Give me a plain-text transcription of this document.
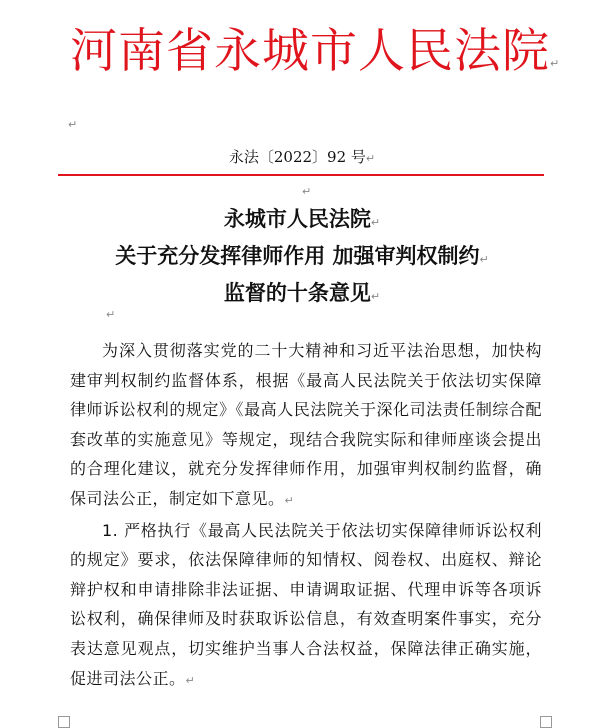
河南省永城市人民法院↵
↵
永法〔2022〕92 号↵
↵
永城市人民法院↵
关于充分发挥律师作用 加强审判权制约↵
监督的十条意见↵
↵

为深入贯彻落实党的二十大精神和习近平法治思想，加快构建审判权制约监督体系，根据《最高人民法院关于依法切实保障律师诉讼权利的规定》《最高人民法院关于深化司法责任制综合配套改革的实施意见》等规定，现结合我院实际和律师座谈会提出的合理化建议，就充分发挥律师作用，加强审判权制约监督，确保司法公正，制定如下意见。↵

1. 严格执行《最高人民法院关于依法切实保障律师诉讼权利的规定》要求，依法保障律师的知情权、阅卷权、出庭权、辩论辩护权和申请排除非法证据、申请调取证据、代理申诉等各项诉讼权利，确保律师及时获取诉讼信息，有效查明案件事实，充分表达意见观点，切实维护当事人合法权益，保障法律正确实施，促进司法公正。↵
